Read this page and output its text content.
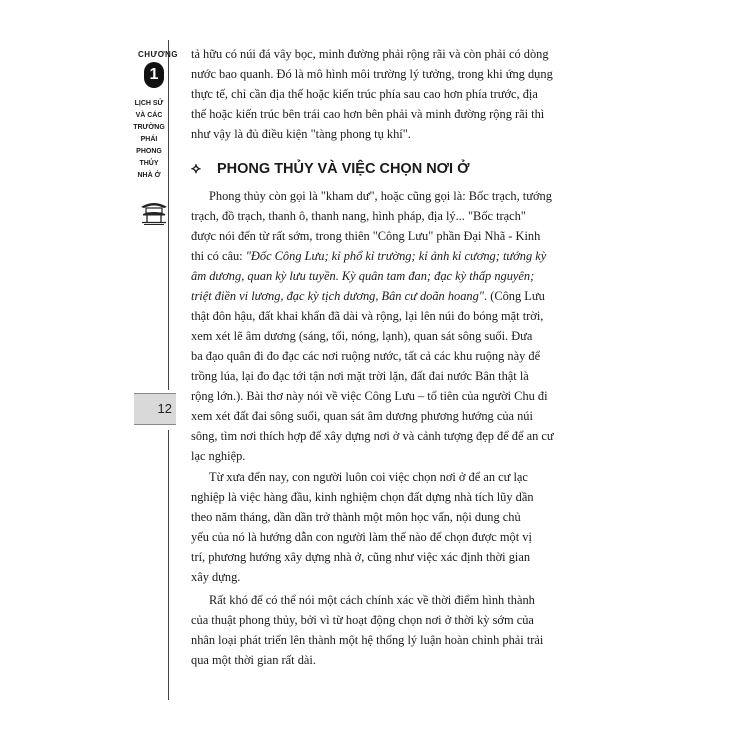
CHƯƠNG
1
LỊCH SỬ
VÀ CÁC
TRƯỜNG
PHÁI
PHONG
THỦY
NHÀ Ở
12

tả hữu có núi đá vây bọc, minh đường phải rộng rãi và còn phải có dòng
nước bao quanh. Đó là mô hình môi trường lý tưởng, trong khi ứng dụng
thực tế, chỉ cần địa thế hoặc kiến trúc phía sau cao hơn phía trước, địa
thế hoặc kiến trúc bên trái cao hơn bên phải và minh đường rộng rãi thì
như vậy là đủ điều kiện "tàng phong tụ khí".

⟡ PHONG THỦY VÀ VIỆC CHỌN NƠI Ở

Phong thủy còn gọi là "kham dư", hoặc cũng gọi là: Bốc trạch, tướng
trạch, đồ trạch, thanh ô, thanh nang, hình pháp, địa lý... "Bốc trạch"
được nói đến từ rất sớm, trong thiên "Công Lưu" phần Đại Nhã - Kinh
thi có câu: "Đốc Công Lưu; kỉ phổ kỉ trường; kỉ ảnh kỉ cương; tướng kỳ
âm dương, quan kỳ lưu tuyền. Kỳ quân tam đan; đạc kỳ thấp nguyên;
triệt điền vi lương, đạc kỳ tịch dương, Bân cư doãn hoang". (Công Lưu
thật đôn hậu, đất khai khẩn đã dài và rộng, lại lên núi đo bóng mặt trời,
xem xét lẽ âm dương (sáng, tối, nóng, lạnh), quan sát sông suối. Đưa
ba đạo quân đi đo đạc các nơi ruộng nước, tất cả các khu ruộng này để
trồng lúa, lại đo đạc tới tận nơi mặt trời lặn, đất đai nước Bân thật là
rộng lớn.). Bài thơ này nói về việc Công Lưu – tổ tiên của người Chu đi
xem xét đất đai sông suối, quan sát âm dương phương hướng của núi
sông, tìm nơi thích hợp để xây dựng nơi ở và cảnh tượng đẹp để để an cư
lạc nghiệp.

Từ xưa đến nay, con người luôn coi việc chọn nơi ở để an cư lạc
nghiệp là việc hàng đầu, kinh nghiệm chọn đất dựng nhà tích lũy dần
theo năm tháng, dần dần trở thành một môn học vấn, nội dung chủ
yếu của nó là hướng dẫn con người làm thế nào để chọn được một vị
trí, phương hướng xây dựng nhà ở, cũng như việc xác định thời gian
xây dựng.

Rất khó để có thể nói một cách chính xác về thời điểm hình thành
của thuật phong thủy, bởi vì từ hoạt động chọn nơi ở thời kỳ sớm của
nhân loại phát triển lên thành một hệ thống lý luận hoàn chỉnh phải trải
qua một thời gian rất dài.
